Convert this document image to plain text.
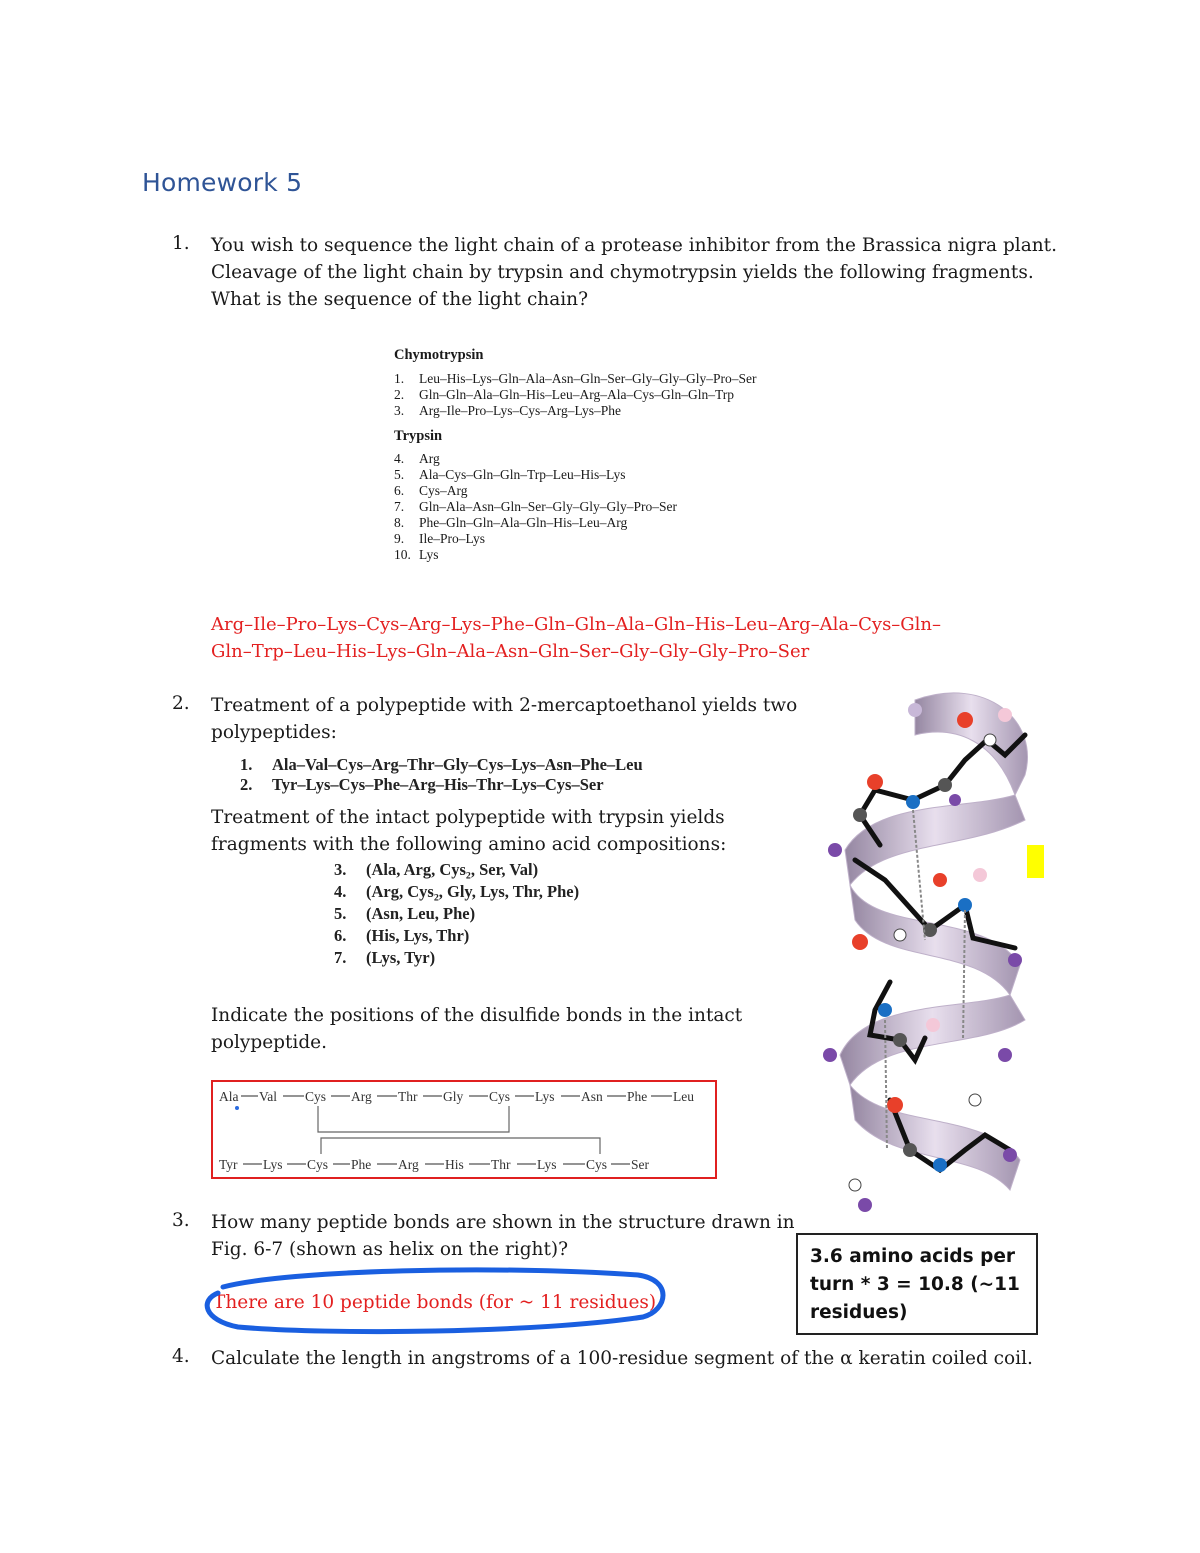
Homework 5
1. You wish to sequence the light chain of a protease inhibitor from the Brassica nigra plant.
Cleavage of the light chain by trypsin and chymotrypsin yields the following fragments.
What is the sequence of the light chain?
Chymotrypsin
1. Leu–His–Lys–Gln–Ala–Asn–Gln–Ser–Gly–Gly–Gly–Pro–Ser
2. Gln–Gln–Ala–Gln–His–Leu–Arg–Ala–Cys–Gln–Gln–Trp
3. Arg–Ile–Pro–Lys–Cys–Arg–Lys–Phe
Trypsin
4. Arg
5. Ala–Cys–Gln–Gln–Trp–Leu–His–Lys
6. Cys–Arg
7. Gln–Ala–Asn–Gln–Ser–Gly–Gly–Gly–Pro–Ser
8. Phe–Gln–Gln–Ala–Gln–His–Leu–Arg
9. Ile–Pro–Lys
10. Lys
Arg–Ile–Pro–Lys–Cys–Arg–Lys–Phe–Gln–Gln–Ala–Gln–His–Leu–Arg–Ala–Cys–Gln–
Gln–Trp–Leu–His–Lys–Gln–Ala–Asn–Gln–Ser–Gly–Gly–Gly–Pro–Ser
2. Treatment of a polypeptide with 2-mercaptoethanol yields two
polypeptides:
1. Ala–Val–Cys–Arg–Thr–Gly–Cys–Lys–Asn–Phe–Leu
2. Tyr–Lys–Cys–Phe–Arg–His–Thr–Lys–Cys–Ser
Treatment of the intact polypeptide with trypsin yields
fragments with the following amino acid compositions:
3. (Ala, Arg, Cys₂, Ser, Val)
4. (Arg, Cys₂, Gly, Lys, Thr, Phe)
5. (Asn, Leu, Phe)
6. (His, Lys, Thr)
7. (Lys, Tyr)
Indicate the positions of the disulfide bonds in the intact
polypeptide.
Ala Val Cys Arg Thr Gly Cys Lys Asn Phe Leu
Tyr Lys Cys Phe Arg His Thr Lys Cys Ser
3. How many peptide bonds are shown in the structure drawn in
Fig. 6-7 (shown as helix on the right)?
There are 10 peptide bonds (for ~ 11 residues)
3.6 amino acids per
turn * 3 = 10.8 (~11
residues)
4. Calculate the length in angstroms of a 100-residue segment of the α keratin coiled coil.
